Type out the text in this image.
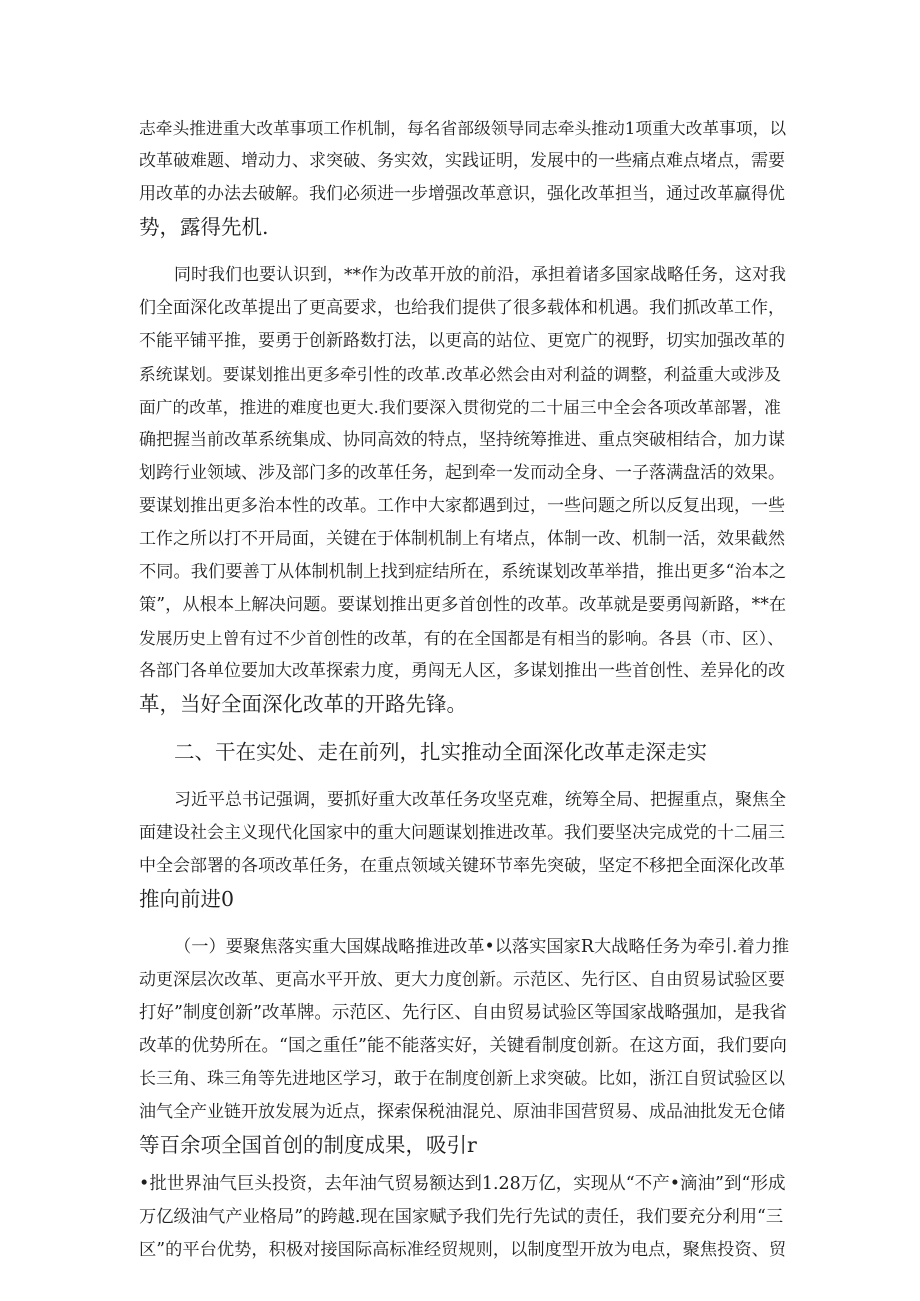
志牵头推进重大改革事项工作机制，每名省部级领导同志牵头推动1项重大改革事项，以
改革破难题、增动力、求突破、务实效，实践证明，发展中的一些痛点难点堵点，需要
用改革的办法去破解。我们必须进一步增强改革意识，强化改革担当，通过改革赢得优
势，露得先机.
同时我们也要认识到，**作为改革开放的前沿，承担着诸多国家战略任务，这对我
们全面深化改革提出了更高要求，也给我们提供了很多载体和机遇。我们抓改革工作，
不能平铺平推，要勇于创新路数打法，以更高的站位、更宽广的视野，切实加强改革的
系统谋划。要谋划推出更多牵引性的改革.改革必然会由对利益的调整，利益重大或涉及
面广的改革，推进的难度也更大.我们要深入贯彻党的二十届三中全会各项改革部署，准
确把握当前改革系统集成、协同高效的特点，坚持统筹推进、重点突破相结合，加力谋
划跨行业领域、涉及部门多的改革任务，起到牵一发而动全身、一子落满盘活的效果。
要谋划推出更多治本性的改革。工作中大家都遇到过，一些问题之所以反复出现，一些
工作之所以打不开局面，关键在于体制机制上有堵点，体制一改、机制一活，效果截然
不同。我们要善丁从体制机制上找到症结所在，系统谋划改革举措，推出更多“治本之
策”，从根本上解决问题。要谋划推出更多首创性的改革。改革就是要勇闯新路，**在
发展历史上曾有过不少首创性的改革，有的在全国都是有相当的影响。各县（市、区）、
各部门各单位要加大改革探索力度，勇闯无人区，多谋划推出一些首创性、差异化的改
革，当好全面深化改革的开路先锋。
二、干在实处、走在前列，扎实推动全面深化改革走深走实
习近平总书记强调，要抓好重大改革任务攻坚克难，统筹全局、把握重点，聚焦全
面建设社会主义现代化国家中的重大问题谋划推进改革。我们要坚决完成党的十二届三
中全会部署的各项改革任务，在重点领域关键环节率先突破，坚定不移把全面深化改革
推向前进0
（一）要聚焦落实重大国媒战略推进改革•以落实国家R大战略任务为牵引.着力推
动更深层次改革、更高水平开放、更大力度创新。示范区、先行区、自由贸易试验区要
打好”制度创新”改革牌。示范区、先行区、自由贸易试验区等国家战略强加，是我省
改革的优势所在。“国之重任”能不能落实好，关键看制度创新。在这方面，我们要向
长三角、珠三角等先进地区学习，敢于在制度创新上求突破。比如，浙江自贸试验区以
油气全产业链开放发展为近点，探索保税油混兑、原油非国营贸易、成品油批发无仓储
等百余项全国首创的制度成果，吸引r
•批世界油气巨头投资，去年油气贸易额达到1.28万亿，实现从“不产•滴油”到“形成
万亿级油气产业格局”的跨越.现在国家赋予我们先行先试的责任，我们要充分利用“三
区”的平台优势，积极对接国际高标准经贸规则，以制度型开放为电点，聚焦投资、贸
